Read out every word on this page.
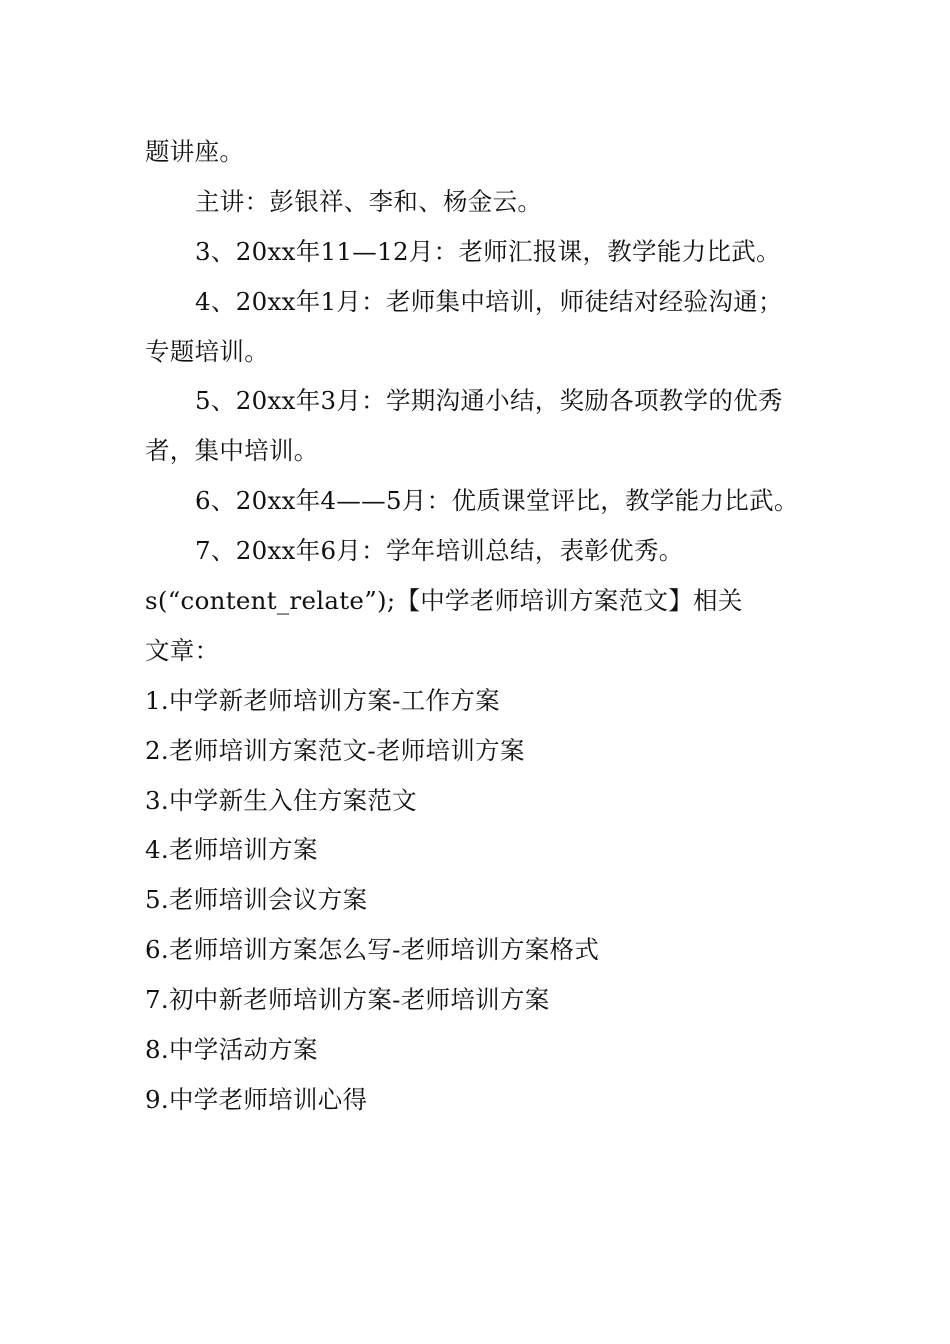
题讲座。
主讲：彭银祥、李和、杨金云。
3、20xx年11—12月：老师汇报课，教学能力比武。
4、20xx年1月：老师集中培训，师徒结对经验沟通；
专题培训。
5、20xx年3月：学期沟通小结，奖励各项教学的优秀
者，集中培训。
6、20xx年4——5月：优质课堂评比，教学能力比武。
7、20xx年6月：学年培训总结，表彰优秀。
s(“content_relate”);【中学老师培训方案范文】相关
文章：
1.中学新老师培训方案-工作方案
2.老师培训方案范文-老师培训方案
3.中学新生入住方案范文
4.老师培训方案
5.老师培训会议方案
6.老师培训方案怎么写-老师培训方案格式
7.初中新老师培训方案-老师培训方案
8.中学活动方案
9.中学老师培训心得
